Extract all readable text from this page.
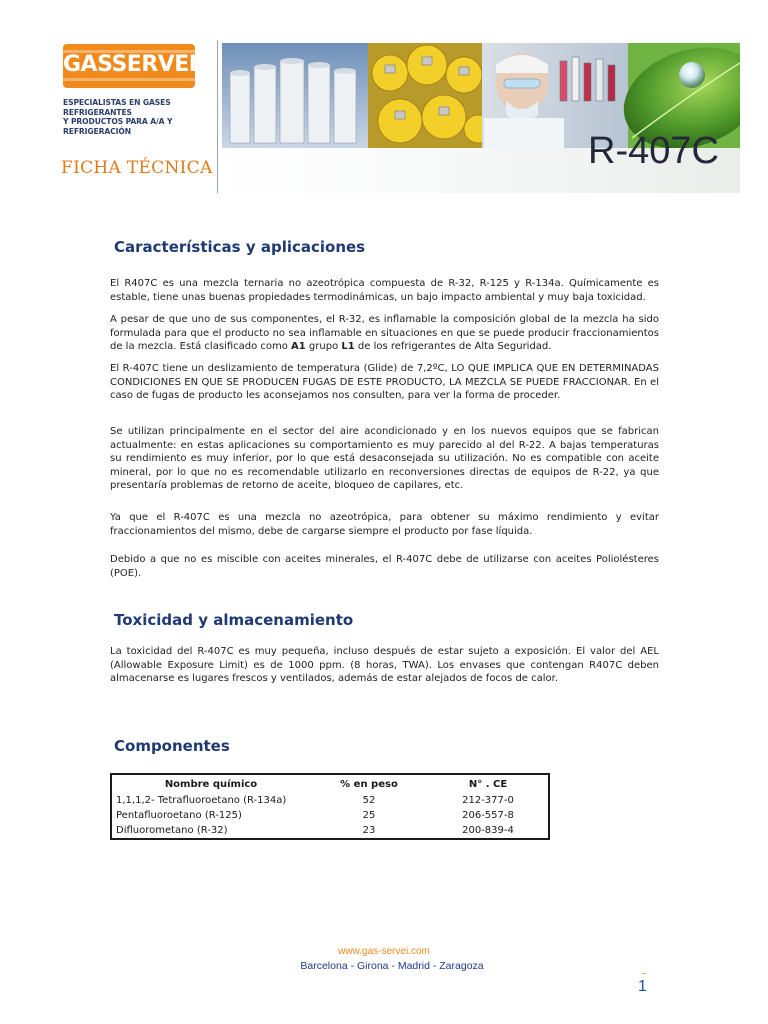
GASSERVEI
ESPECIALISTAS EN GASES REFRIGERANTES
Y PRODUCTOS PARA A/A Y REFRIGERACIÓN
FICHA TÉCNICA	R-407C
Características y aplicaciones

El R407C es una mezcla ternaria no azeotrópica compuesta de R-32, R-125 y R-134a. Químicamente es estable, tiene unas buenas propiedades termodinámicas, un bajo impacto ambiental y muy baja toxicidad.

A pesar de que uno de sus componentes, el R-32, es inflamable la composición global de la mezcla ha sido formulada para que el producto no sea inflamable en situaciones en que se puede producir fraccionamientos de la mezcla. Está clasificado como A1 grupo L1 de los refrigerantes de Alta Seguridad.

El R-407C tiene un deslizamiento de temperatura (Glide) de 7,2ºC, LO QUE IMPLICA QUE EN DETERMINADAS CONDICIONES EN QUE SE PRODUCEN FUGAS DE ESTE PRODUCTO, LA MEZCLA SE PUEDE FRACCIONAR. En el caso de fugas de producto les aconsejamos nos consulten, para ver la forma de proceder.

Se utilizan principalmente en el sector del aire acondicionado y en los nuevos equipos que se fabrican actualmente: en estas aplicaciones su comportamiento es muy parecido al del R-22. A bajas temperaturas su rendimiento es muy inferior, por lo que está desaconsejada su utilización. No es compatible con aceite mineral, por lo que no es recomendable utilizarlo en reconversiones directas de equipos de R-22, ya que presentaría problemas de retorno de aceite, bloqueo de capilares, etc.

Ya que el R-407C es una mezcla no azeotrópica, para obtener su máximo rendimiento y evitar fraccionamientos del mismo, debe de cargarse siempre el producto por fase líquida.

Debido a que no es miscible con aceites minerales, el R-407C debe de utilizarse con aceites Poliolésteres (POE).

Toxicidad y almacenamiento

La toxicidad del R-407C es muy pequeña, incluso después de estar sujeto a exposición. El valor del AEL (Allowable Exposure Limit) es de 1000 ppm. (8 horas, TWA). Los envases que contengan R407C deben almacenarse es lugares frescos y ventilados, además de estar alejados de focos de calor.

Componentes
Nombre químico	% en peso	N° . CE
1,1,1,2- Tetrafluoroetano (R-134a)	52	212-377-0
Pentafluoroetano (R-125)	25	206-557-8
Difluorometano (R-32)	23	200-839-4
www.gas-servei.com
Barcelona - Girona - Madrid - Zaragoza
~
1
